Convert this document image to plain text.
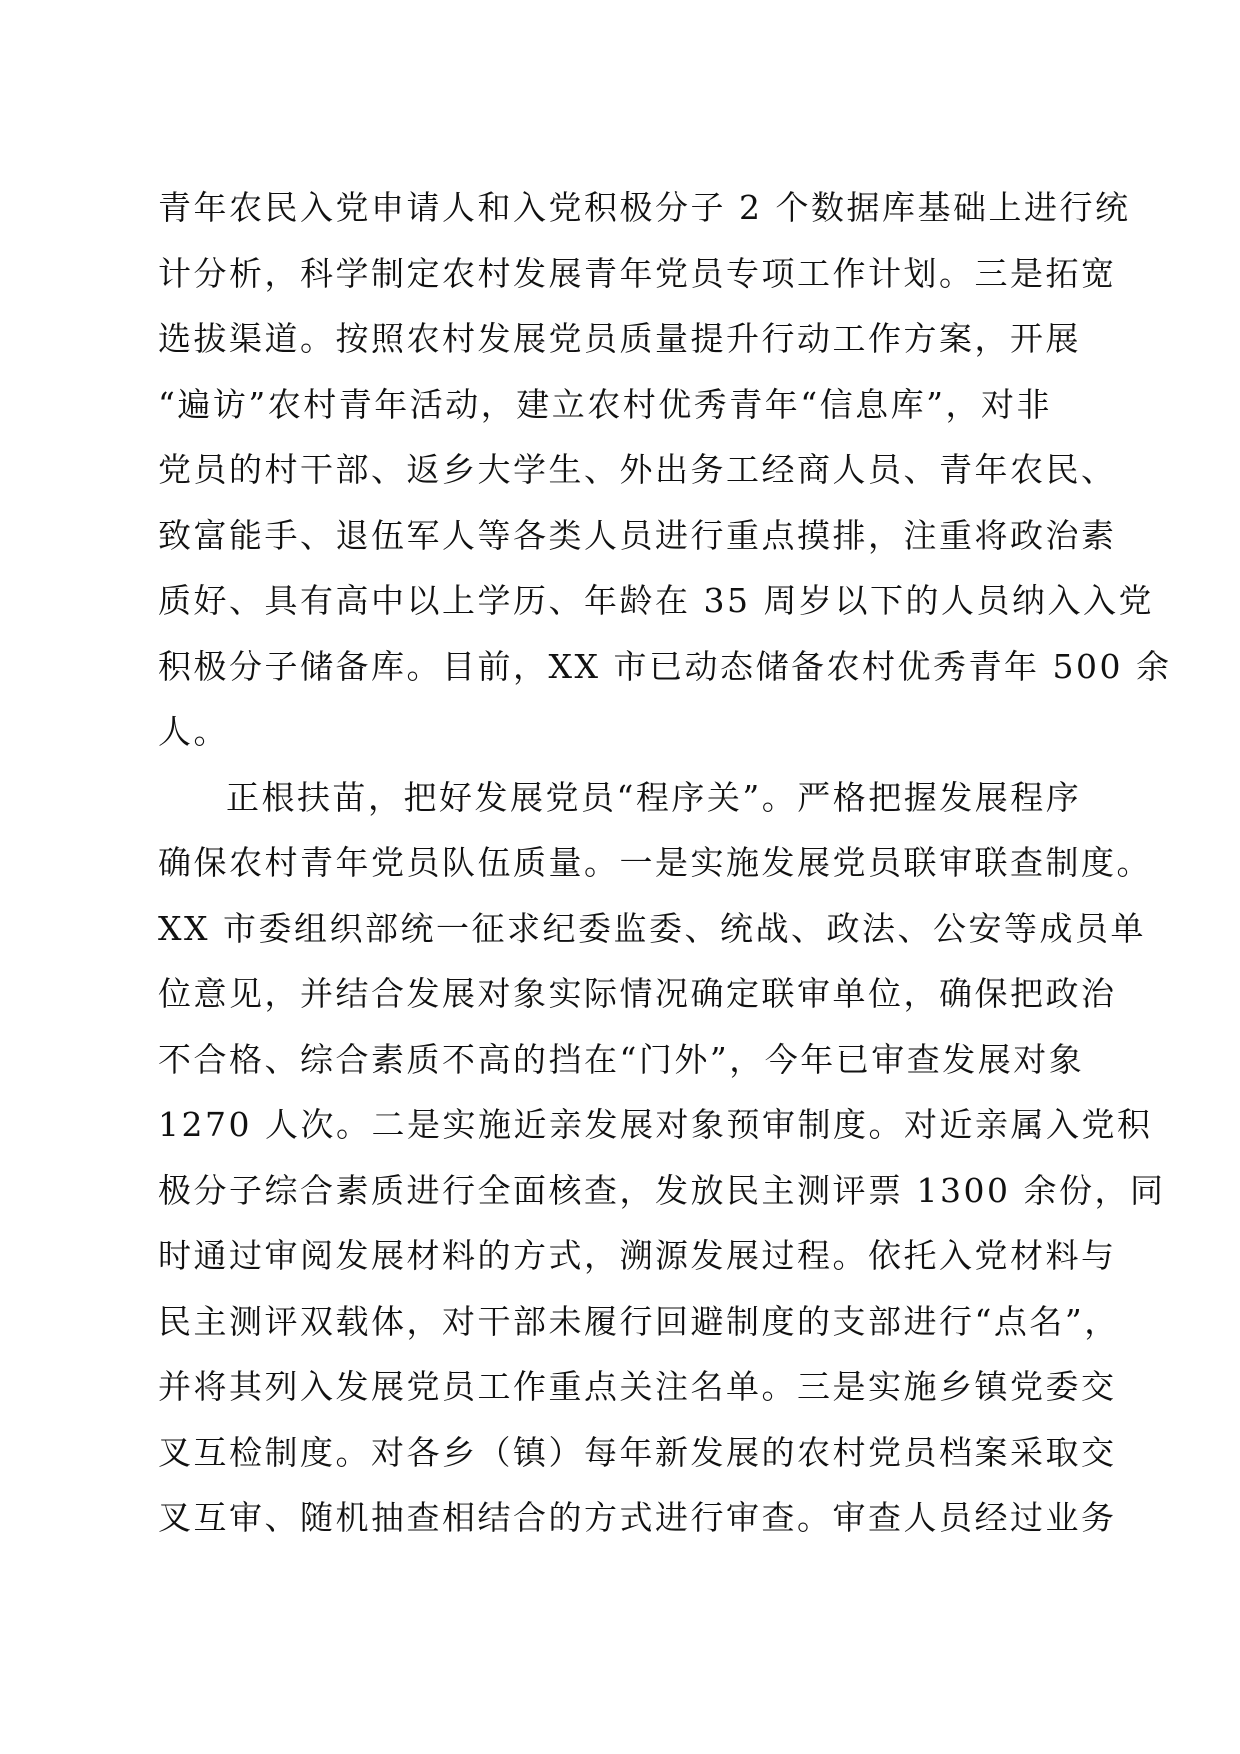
青年农民入党申请人和入党积极分子 2 个数据库基础上进行统
计分析，科学制定农村发展青年党员专项工作计划。三是拓宽
选拔渠道。按照农村发展党员质量提升行动工作方案，开展
“遍访”农村青年活动，建立农村优秀青年“信息库”，对非
党员的村干部、返乡大学生、外出务工经商人员、青年农民、
致富能手、退伍军人等各类人员进行重点摸排，注重将政治素
质好、具有高中以上学历、年龄在 35 周岁以下的人员纳入入党
积极分子储备库。目前，XX 市已动态储备农村优秀青年 500 余
人。
正根扶苗，把好发展党员“程序关”。严格把握发展程序
确保农村青年党员队伍质量。一是实施发展党员联审联查制度。
XX 市委组织部统一征求纪委监委、统战、政法、公安等成员单
位意见，并结合发展对象实际情况确定联审单位，确保把政治
不合格、综合素质不高的挡在“门外”，今年已审查发展对象
1270 人次。二是实施近亲发展对象预审制度。对近亲属入党积
极分子综合素质进行全面核查，发放民主测评票 1300 余份，同
时通过审阅发展材料的方式，溯源发展过程。依托入党材料与
民主测评双载体，对干部未履行回避制度的支部进行“点名”，
并将其列入发展党员工作重点关注名单。三是实施乡镇党委交
叉互检制度。对各乡（镇）每年新发展的农村党员档案采取交
叉互审、随机抽查相结合的方式进行审查。审查人员经过业务
